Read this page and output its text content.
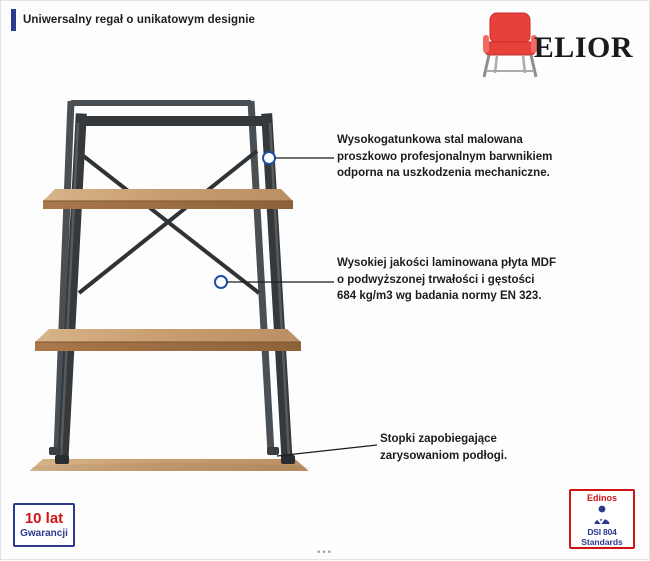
Uniwersalny regał o unikatowym designie
ELIOR
Wysokogatunkowa stal malowana
proszkowo profesjonalnym barwnikiem
odporna na uszkodzenia mechaniczne.
Wysokiej jakości laminowana płyta MDF
o podwyższonej trwałości i gęstości
684 kg/m3 wg badania normy EN 323.
Stopki zapobiegające
zarysowaniom podłogi.
10 lat
Gwarancji
Edinos
DSI 804
Standards
•••
